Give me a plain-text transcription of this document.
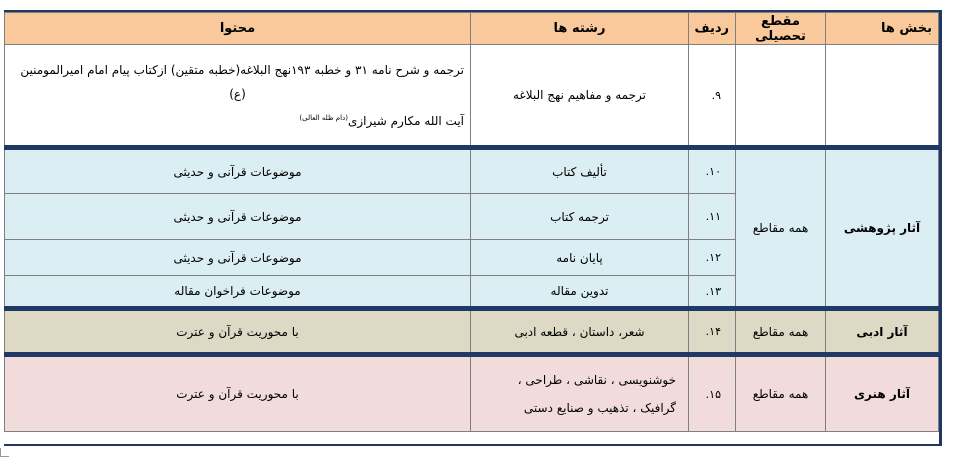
بخش ها	مقطع تحصیلی	ردیف	رشته ها	محتوا
		۹.	ترجمه و مفاهیم نهج البلاغه	ترجمه و شرح نامه ۳۱ و خطبه ۱۹۳نهج البلاغه(خطبه متقین) ازکتاب پیام امام امیرالمومنین
(ع)
آیت الله مکارم شیرازی$^{(دام ظله العالی)}$

آثار پژوهشی	همه مقاطع	۱۰.	تألیف کتاب	موضوعات قرآنی و حدیثی
		۱۱.	ترجمه کتاب	موضوعات قرآنی و حدیثی
		۱۲.	پایان نامه	موضوعات قرآنی و حدیثی
		۱۳.	تدوین مقاله	موضوعات فراخوان مقاله
آثار ادبی	همه مقاطع	۱۴.	شعر، داستان ، قطعه ادبی	با محوریت قرآن و عترت
آثار هنری	همه مقاطع	۱۵.	خوشنویسی ، نقاشی ، طراحی ،
گرافیک ، تذهیب و صنایع دستی	با محوریت قرآن و عترت
